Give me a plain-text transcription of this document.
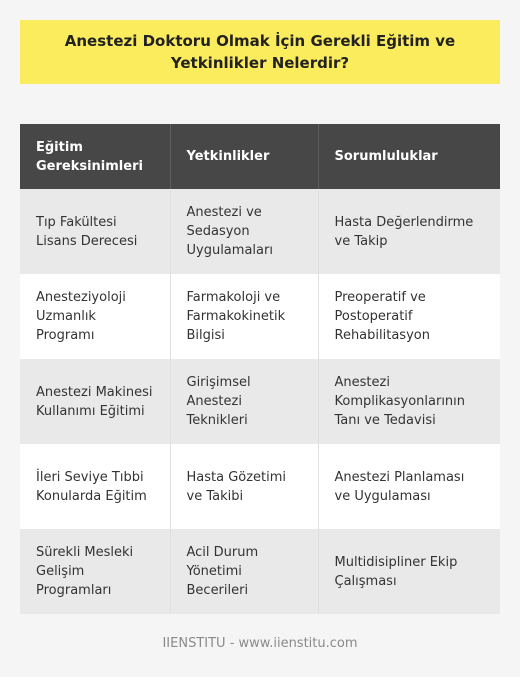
Anestezi Doktoru Olmak İçin Gerekli Eğitim ve Yetkinlikler Nelerdir?
Eğitim Gereksinimleri	Yetkinlikler	Sorumluluklar
Tıp Fakültesi Lisans Derecesi	Anestezi ve Sedasyon Uygulamaları	Hasta Değerlendirme ve Takip
Anesteziyoloji Uzmanlık Programı	Farmakoloji ve Farmakokinetik Bilgisi	Preoperatif ve Postoperatif Rehabilitasyon
Anestezi Makinesi Kullanımı Eğitimi	Girişimsel Anestezi Teknikleri	Anestezi Komplikasyonlarının Tanı ve Tedavisi
İleri Seviye Tıbbi Konularda Eğitim	Hasta Gözetimi ve Takibi	Anestezi Planlaması ve Uygulaması
Sürekli Mesleki Gelişim Programları	Acil Durum Yönetimi Becerileri	Multidisipliner Ekip Çalışması
IIENSTITU - www.iienstitu.com
